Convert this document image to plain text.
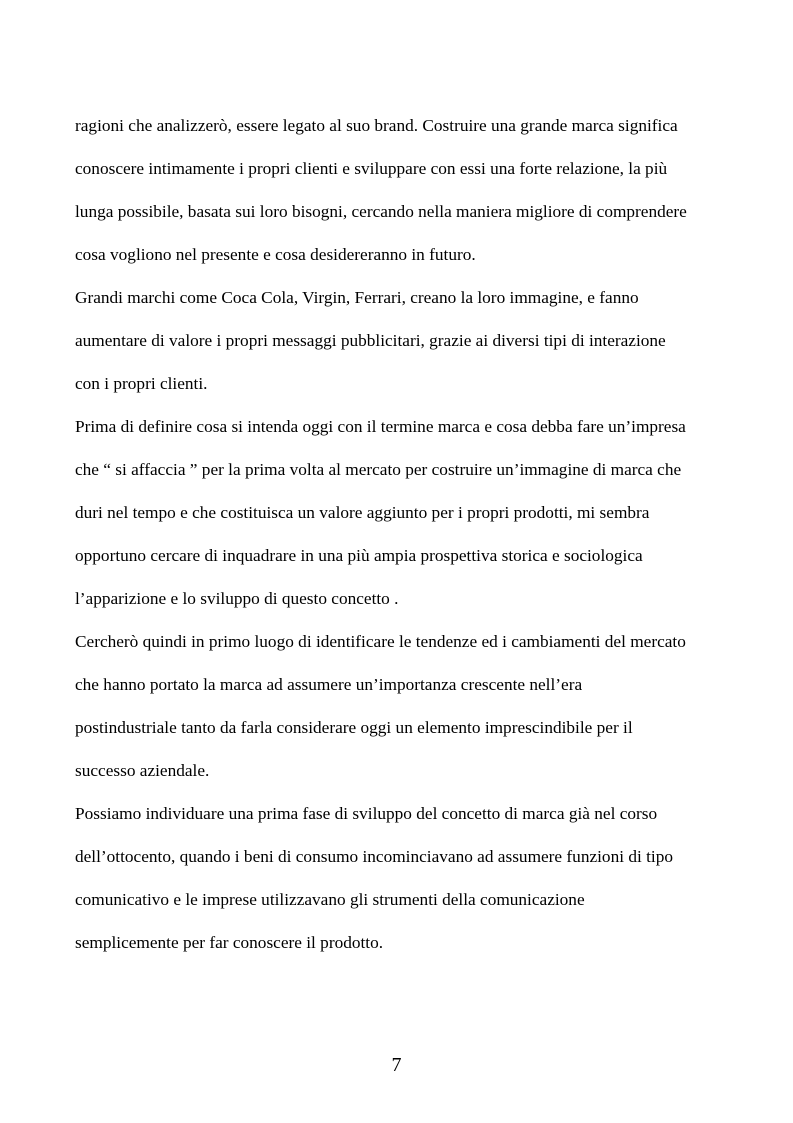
ragioni che analizzerò, essere legato al suo brand. Costruire una grande marca significa
conoscere intimamente i propri clienti e sviluppare con essi una forte relazione, la più
lunga possibile, basata sui loro bisogni, cercando nella maniera migliore di comprendere
cosa vogliono nel presente e cosa desidereranno in futuro.
Grandi marchi come Coca Cola, Virgin, Ferrari, creano la loro immagine, e fanno
aumentare di valore i propri messaggi pubblicitari, grazie ai diversi tipi di interazione
con i propri clienti.
Prima di definire cosa si intenda oggi con il termine marca e cosa debba fare un’impresa
che “ si affaccia ” per la prima volta al mercato per costruire un’immagine di marca che
duri nel tempo e che costituisca un valore aggiunto per i propri prodotti, mi sembra
opportuno cercare di inquadrare in una più ampia prospettiva storica e sociologica
l’apparizione e lo sviluppo di questo concetto .
Cercherò quindi in primo luogo di identificare le tendenze ed i cambiamenti del mercato
che hanno portato la marca ad assumere un’importanza crescente nell’era
postindustriale tanto da farla considerare oggi un elemento imprescindibile per il
successo aziendale.
Possiamo individuare una prima fase di sviluppo del concetto di marca già nel corso
dell’ottocento, quando i beni di consumo incominciavano ad assumere funzioni di tipo
comunicativo e le imprese utilizzavano gli strumenti della comunicazione
semplicemente per far conoscere il prodotto.
7
